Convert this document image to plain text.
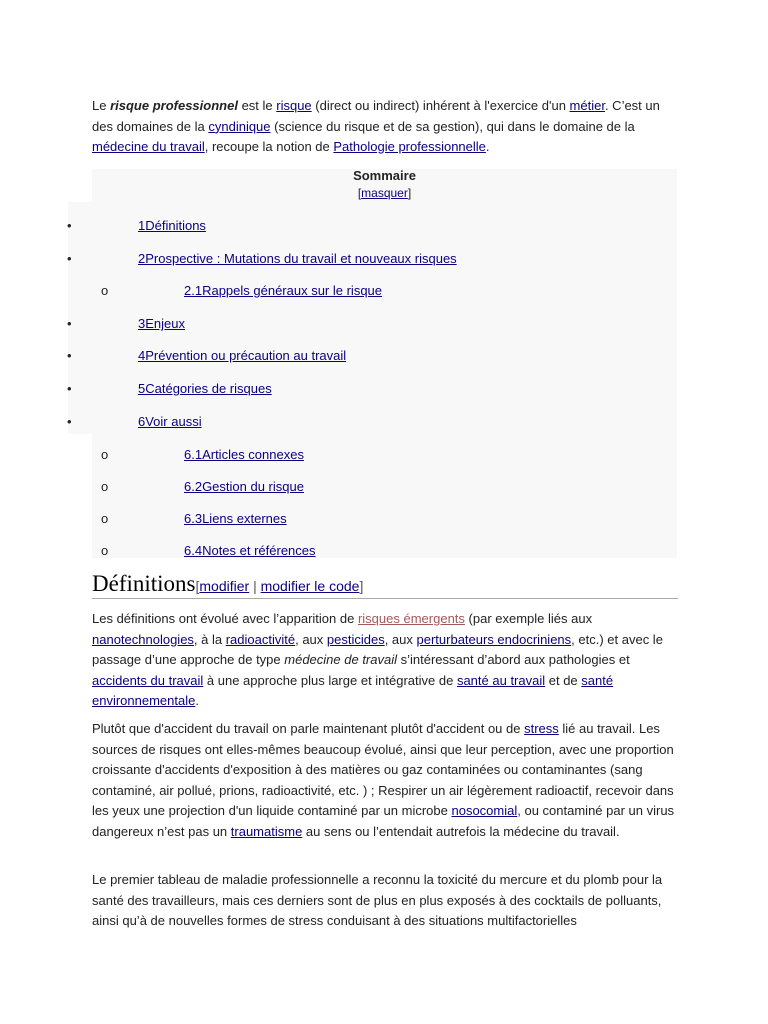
Le risque professionnel est le risque (direct ou indirect) inhérent à l'exercice d'un métier. C’est un des domaines de la cyndinique (science du risque et de sa gestion), qui dans le domaine de la médecine du travail, recoupe la notion de Pathologie professionnelle.

Sommaire
[masquer]
•	1Définitions
•	2Prospective : Mutations du travail et nouveaux risques
o	2.1Rappels généraux sur le risque
•	3Enjeux
•	4Prévention ou précaution au travail
•	5Catégories de risques
•	6Voir aussi
o	6.1Articles connexes
o	6.2Gestion du risque
o	6.3Liens externes
o	6.4Notes et références
Définitions[modifier | modifier le code]

Les définitions ont évolué avec l’apparition de risques émergents (par exemple liés aux nanotechnologies, à la radioactivité, aux pesticides, aux perturbateurs endocriniens, etc.) et avec le passage d’une approche de type médecine de travail s’intéressant d’abord aux pathologies et accidents du travail à une approche plus large et intégrative de santé au travail et de santé environnementale.

Plutôt que d'accident du travail on parle maintenant plutôt d'accident ou de stress lié au travail. Les sources de risques ont elles-mêmes beaucoup évolué, ainsi que leur perception, avec une proportion croissante d'accidents d'exposition à des matières ou gaz contaminées ou contaminantes (sang contaminé, air pollué, prions, radioactivité, etc. ) ; Respirer un air légèrement radioactif, recevoir dans les yeux une projection d'un liquide contaminé par un microbe nosocomial, ou contaminé par un virus dangereux n’est pas un traumatisme au sens ou l’entendait autrefois la médecine du travail.

Le premier tableau de maladie professionnelle a reconnu la toxicité du mercure et du plomb pour la santé des travailleurs, mais ces derniers sont de plus en plus exposés à des cocktails de polluants, ainsi qu’à de nouvelles formes de stress conduisant à des situations multifactorielles
